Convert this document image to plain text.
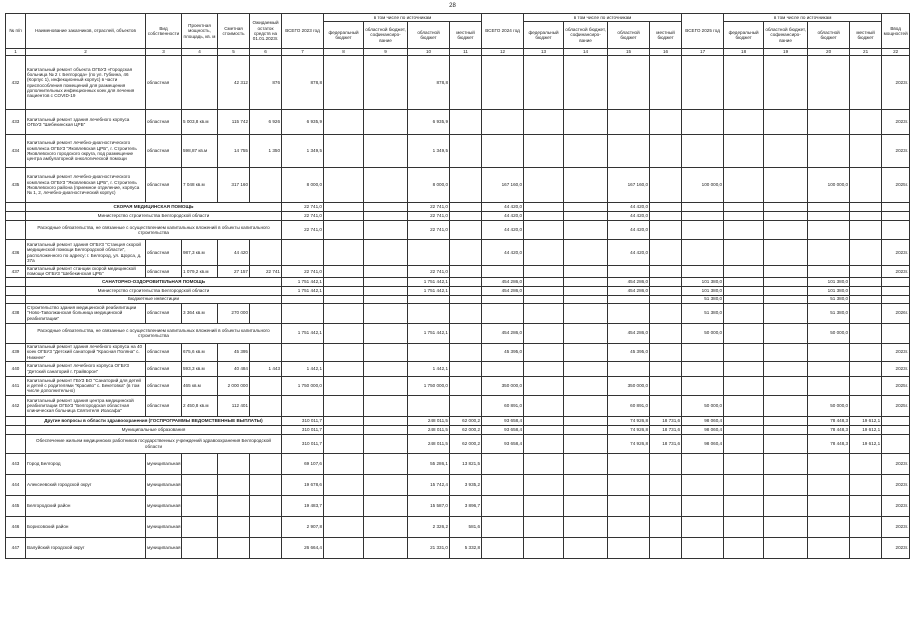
28
№ п/п	Наименование заказчиков, отраслей, объектов	Вид собственности	Проектная мощность, площадь, кв. м	Сметная стоимость	Ожидаемый остаток средств на 01.01.2023г.	ВСЕГО 2023 год	в том числе по источникам				ВСЕГО 2024 год	в том числе по источникам				ВСЕГО 2025 год	в том числе по источникам				Ввод мощностей
							федеральный бюджет	областной бюджет, софинансиро-вание	областной бюджет	местный бюджет		федеральный бюджет	областной бюджет, софинансиро-вание	областной бюджет	местный бюджет		федеральный бюджет	областной бюджет, софинансиро-вание	областной бюджет	местный бюджет	
1	2	3	4	5	6	7	8	9	10	11	12	13	14	15	16	17	18	19	20	21	22
432	Капитальный ремонт объекта ОГБУЗ «Городская больница № 2 г. Белгорода» (по ул. Губкина, 46 (Корпус 1), инфекционный корпус) в части приспособления помещений для размещения дополнительных инфекционных коек для лечения пациентов с COVID-19	областная		42 312	876	878,8			878,8												2023г.
433	Капитальный ремонт здания лечебного корпуса ОГБУЗ "Шебекинская ЦРБ"	областная	5 003,8 кв.м	115 742	6 926	6 935,9			6 935,9												2023г.
434	Капитальный ремонт лечебно-диагностического комплекса ОГБУЗ "Яковлевская ЦРБ", г. Строитель Яковлевского городского округа, под размещение центра амбулаторной онкологической помощи	областная	598,87 кв.м	14 755	1 350	1 349,5			1 349,5												2023г.
435	Капитальный ремонт лечебно-диагностического комплекса ОГБУЗ "Яковлевская ЦРБ", г. Строитель Яковлевского района (приемное отделение, корпуса № 1, 2, лечебно-диагностический корпус)	областная	7 048 кв.м	317 160		8 000,0			8 000,0		167 160,0			167 160,0		100 000,0			100 000,0		2025г.
	СКОРАЯ МЕДИЦИНСКАЯ ПОМОЩЬ					22 741,0			22 741,0		44 420,0			44 420,0							
	Министерство строительства Белгородской области					22 741,0			22 741,0		44 420,0			44 420,0							
	Расходные обязательства, не связанные с осуществлением капитальных вложений в объекты капитального строительства					22 741,0			22 741,0		44 420,0			44 420,0							
436	Капитальный ремонт здания ОГБУЗ "Станция скорой медицинской помощи Белгородской области", расположенного по адресу: г. Белгород, ул. Щорса, д. 37а	областная	987,3 кв.м	44 420							44 420,0			44 420,0							2023г.
437	Капитальный ремонт станции скорой медицинской помощи ОГБУЗ "Шебекинская ЦРБ"	областная	1 079,2 кв.м	27 157	22 741	22 741,0			22 741,0												2023г.
	САНАТОРНО-ОЗДОРОВИТЕЛЬНАЯ ПОМОЩЬ					1 751 442,1			1 751 442,1		454 286,0			454 286,0		101 380,0			101 380,0		
	Министерство строительства Белгородской области					1 751 442,1			1 751 442,1		454 286,0			454 286,0		101 380,0			101 380,0		
	Бюджетные инвестиции															51 380,0			51 380,0		
438	Строительство здания медицинской реабилитации "Ново-Таволжанская больница медицинской реабилитации"	областная	3 364 кв.м	270 000												51 380,0			51 380,0		2026г.
	Расходные обязательства, не связанные с осуществлением капитальных вложений в объекты капитального строительства					1 751 442,1			1 751 442,1		454 286,0			454 286,0		50 000,0			50 000,0		
439	Капитальный ремонт здания лечебного корпуса на 40 коек ОГБУЗ "Детский санаторий "Красная Поляна" с. Нижнее"	областная	675,6 кв.м	45 395							45 395,0			45 395,0							2023г.
440	Капитальный ремонт лечебного корпуса ОГБУЗ "Детский санаторий г. Грайворон"	областная	593,3 кв.м	40 484	1 443	1 442,1			1 442,1												2023г.
441	Капитальный ремонт ГБУЗ БО "Санаторий для детей и детей с родителями "Красиво" с. Бекетовка" (в том числе дополнительно)	областная	465 кв.м	2 000 000		1 750 000,0			1 750 000,0		350 000,0			350 000,0							2025г.
442	Капитальный ремонт здания центра медицинской реабилитации ОГБУЗ "Белгородская областная клиническая больница Святителя Иоасафа"	областная	2 450,8 кв.м	112 401							60 891,0			60 891,0		50 000,0			50 000,0		2025г.
	Другие вопросы в области здравоохранения (ГОСПРОГРАММЫ ВЕДОМСТВЕННЫЕ ВЫПЛАТЫ)					310 011,7			248 011,5	62 000,2	93 658,4			74 926,8	18 731,6	98 060,4			78 448,3	19 612,1	
	Муниципальные образования					310 011,7			248 011,5	62 000,2	93 658,4			74 926,8	18 731,6	98 060,4			78 448,3	19 612,1	
	Обеспечение жильем медицинских работников государственных учреждений здравоохранения Белгородской области					310 011,7			248 011,5	62 000,2	93 658,4			74 926,8	18 731,6	98 060,4			78 448,3	19 612,1	
443	Город Белгород	муниципальная				69 107,6			55 286,1	13 821,5											2023г.
444	Алексеевский городской округ	муниципальная				19 678,6			15 742,4	3 935,2											2023г.
445	Белгородский район	муниципальная				19 483,7			15 587,0	3 896,7											2023г.
446	Борисовский район	муниципальная				2 907,8			2 326,2	581,6											2023г.
447	Валуйский городской округ	муниципальная				26 664,4			21 331,0	5 332,8											2023г.
